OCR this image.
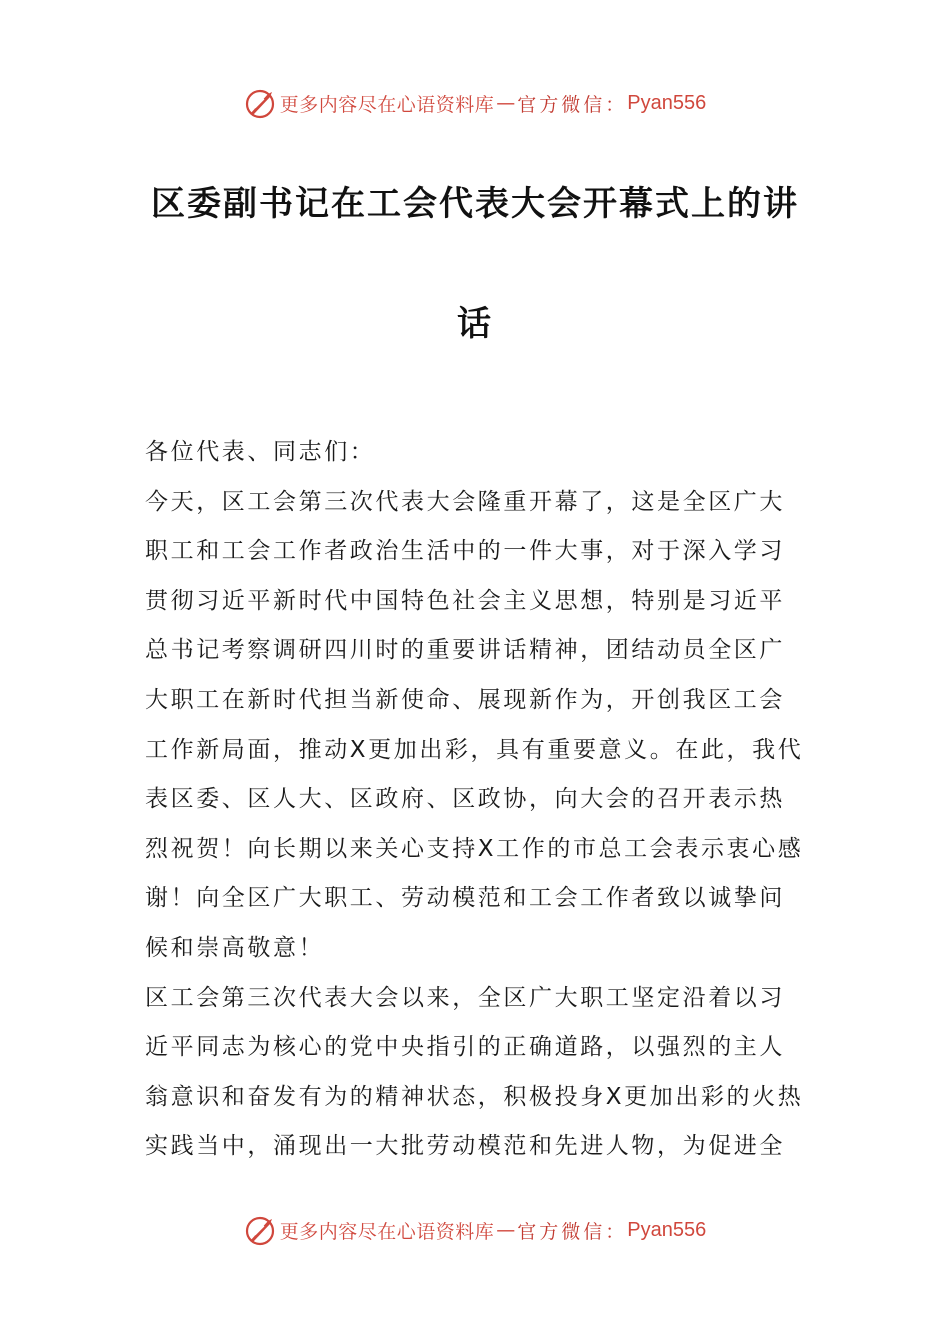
更多内容尽在心语资料库 — 官方微信： Pyan556
区委副书记在工会代表大会开幕式上的讲
话
各位代表、同志们：
今天，区工会第三次代表大会隆重开幕了，这是全区广大
职工和工会工作者政治生活中的一件大事，对于深入学习
贯彻习近平新时代中国特色社会主义思想，特别是习近平
总书记考察调研四川时的重要讲话精神，团结动员全区广
大职工在新时代担当新使命、展现新作为，开创我区工会
工作新局面，推动X更加出彩，具有重要意义。在此，我代
表区委、区人大、区政府、区政协，向大会的召开表示热
烈祝贺！向长期以来关心支持X工作的市总工会表示衷心感
谢！向全区广大职工、劳动模范和工会工作者致以诚挚问
候和崇高敬意！
区工会第三次代表大会以来，全区广大职工坚定沿着以习
近平同志为核心的党中央指引的正确道路，以强烈的主人
翁意识和奋发有为的精神状态，积极投身X更加出彩的火热
实践当中，涌现出一大批劳动模范和先进人物，为促进全
更多内容尽在心语资料库 — 官方微信： Pyan556
